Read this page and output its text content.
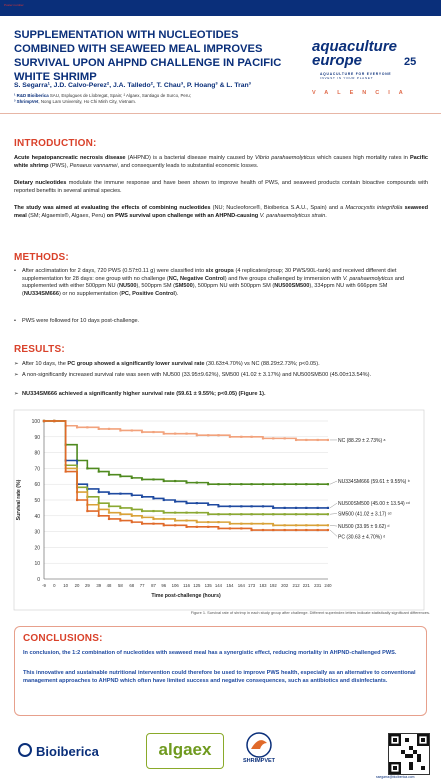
Poster number
SUPPLEMENTATION WITH NUCLEOTIDES COMBINED WITH SEAWEED MEAL IMPROVES SURVIVAL UPON AHPND CHALLENGE IN PACIFIC WHITE SHRIMP
aquaculture
europe	25
AQUACULTURE FOR EVERYONE
INVEST IN YOUR PLANET
VALENCIA
S. Segarra¹, J.D. Calvo-Perez², J.A. Talledo², T. Chau³, P. Hoang³ & L. Tran³
¹ R&D Bioiberica SAU, Esplugues de Llobregat, Spain; ² Algaex, Santiago de Surco, Peru;
³ ShrimpVet, Nong Lam University, Ho Chi Minh City, Vietnam.
INTRODUCTION:
Acute hepatopancreatic necrosis disease (AHPND) is a bacterial disease mainly caused by Vibrio parahaemolyticus which causes high mortality rates in Pacific white shrimp (PWS), Penaeus vannamei, and consequently leads to substantial economic losses.
Dietary nucleotides modulate the immune response and have been shown to improve health of PWS, and seaweed products contain bioactive compounds with reported benefits in several animal species.
The study was aimed at evaluating the effects of combining nucleotides (NU; Nucleoforce®, Bioiberica S.A.U., Spain) and a Macrocystis integrifolia seaweed meal (SM; Algaemix®, Algaex, Peru) on PWS survival upon challenge with an AHPND-causing V. parahaemolyticus strain.
METHODS:
• After acclimatation for 2 days, 720 PWS (0.57±0.11 g) were classified into six groups (4 replicates/group; 30 PWS/90L-tank) and received different diet supplementation for 28 days: one group with no challenge (NC, Negative Control) and five groups challenged by immersion with V. parahaemolyticus and supplemented with either 500ppm NU (NU500), 500ppm SM (SM500), 500ppm NU with 500ppm SM (NU500SM500), 334ppm NU with 666ppm SM (NU334SM666) or no supplementation (PC, Positive Control).
• PWS were followed for 10 days post-challenge.
RESULTS:
➢ After 10 days, the PC group showed a significantly lower survival rate (30.63±4.70%) vs NC (88.29±2.73%; p<0.05).
➢ A non-significantly increased survival rate was seen with NU500 (33.95±9.62%), SM500 (41.02 ± 3.17%) and NU500SM500 (45.00±13.54%).
➢ NU334SM666 achieved a significantly higher survival rate (59.61 ± 9.55%; p<0.05) (Figure 1).
0
10
20
30
40
50
60
70
80
90
100
-9 0 10 20 29 39 48 58 68 77 87 96 106 116 125 135 144 154 164 173 183 192 202 212 221 231 240
Time post-challenge (hours)
Survival rate (%)
NC (88.29 ± 2.73%) ᵃ
NU334SM666 (59.61 ± 9.55%) ᵇ
NU500SM500 (45.00 ± 13.54) ᶜᵈ
SM500 (41.02 ± 3.17) ᶜᵈ
NU500 (33.95 ± 9.62) ᵈ
PC (30.63 ± 4.70%) ᵈ
Figure 1. Survival rate of shrimp in each study group after challenge. Different superindex letters indicate statistically significant differences.
CONCLUSIONS:
In conclusion, the 1:2 combination of nucleotides with seaweed meal has a synergistic effect, reducing mortality in AHPND-challenged PWS.
This innovative and sustainable nutritional intervention could therefore be used to improve PWS health, especially as an alternative to conventional management approaches to AHPND which often have limited success and negative consequences, such as antibiotics and disinfectants.
Bioiberica	algaex
SHRIMPVET
ssegarra@bioiberica.com
